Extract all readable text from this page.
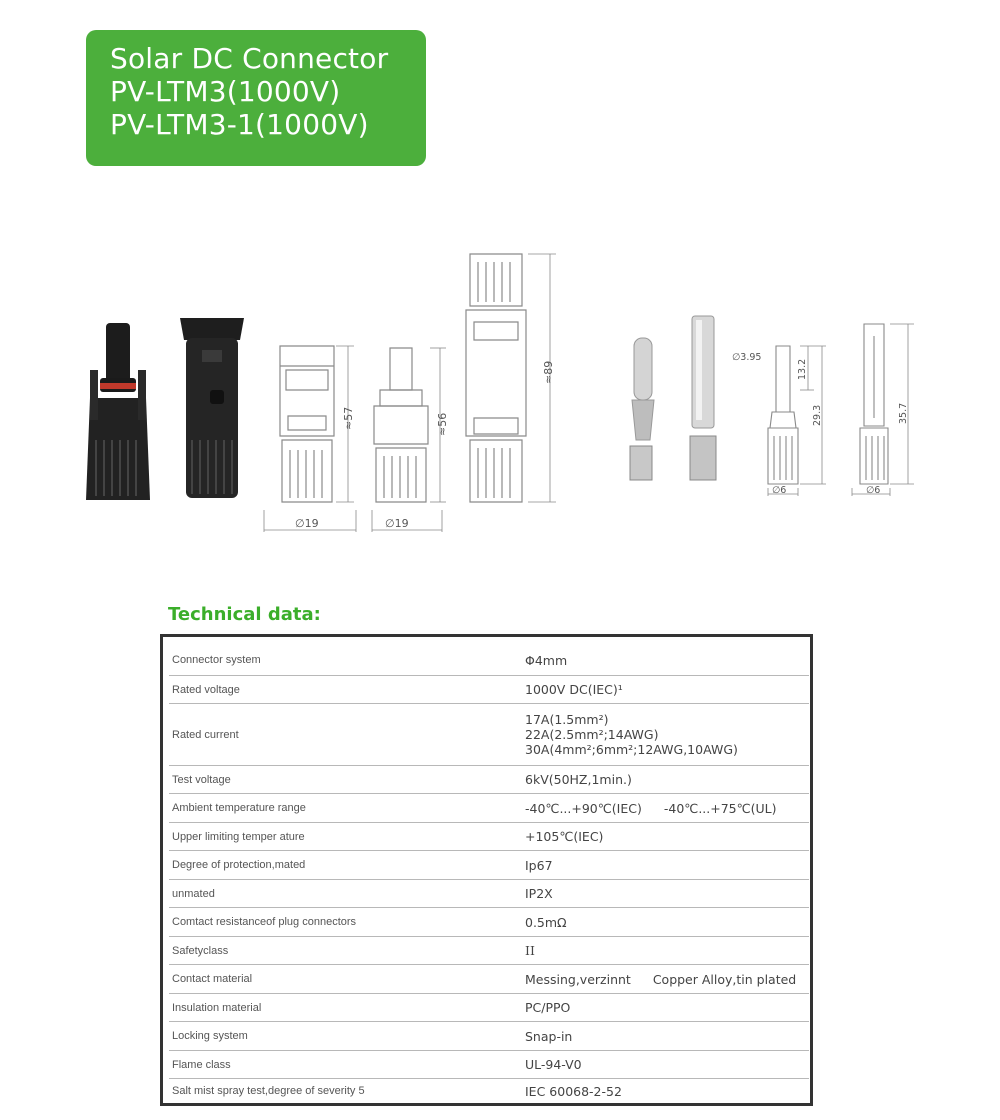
Solar DC Connector
PV-LTM3(1000V)
PV-LTM3-1(1000V)
≈57
∅19
≈56
∅19
≈89
∅3.95
13.2
29.3
∅6
35.7
∅6
Technical data:
Connector system	Φ4mm
Rated voltage	1000V DC(IEC)¹
Rated current
17A(1.5mm²)
22A(2.5mm²;14AWG)
30A(4mm²;6mm²;12AWG,10AWG)
Test voltage	6kV(50HZ,1min.)
Ambient temperature range	-40℃...+90℃(IEC) -40℃...+75℃(UL)
Upper limiting temper ature	+105℃(IEC)
Degree of protection,mated	Ip67
unmated	IP2X
Comtact resistanceof plug connectors	0.5mΩ
Safetyclass	II
Contact material	Messing,verzinnt Copper Alloy,tin plated
Insulation material	PC/PPO
Locking system	Snap-in
Flame class	UL-94-V0
Salt mist spray test,degree of severity 5	IEC 60068-2-52
